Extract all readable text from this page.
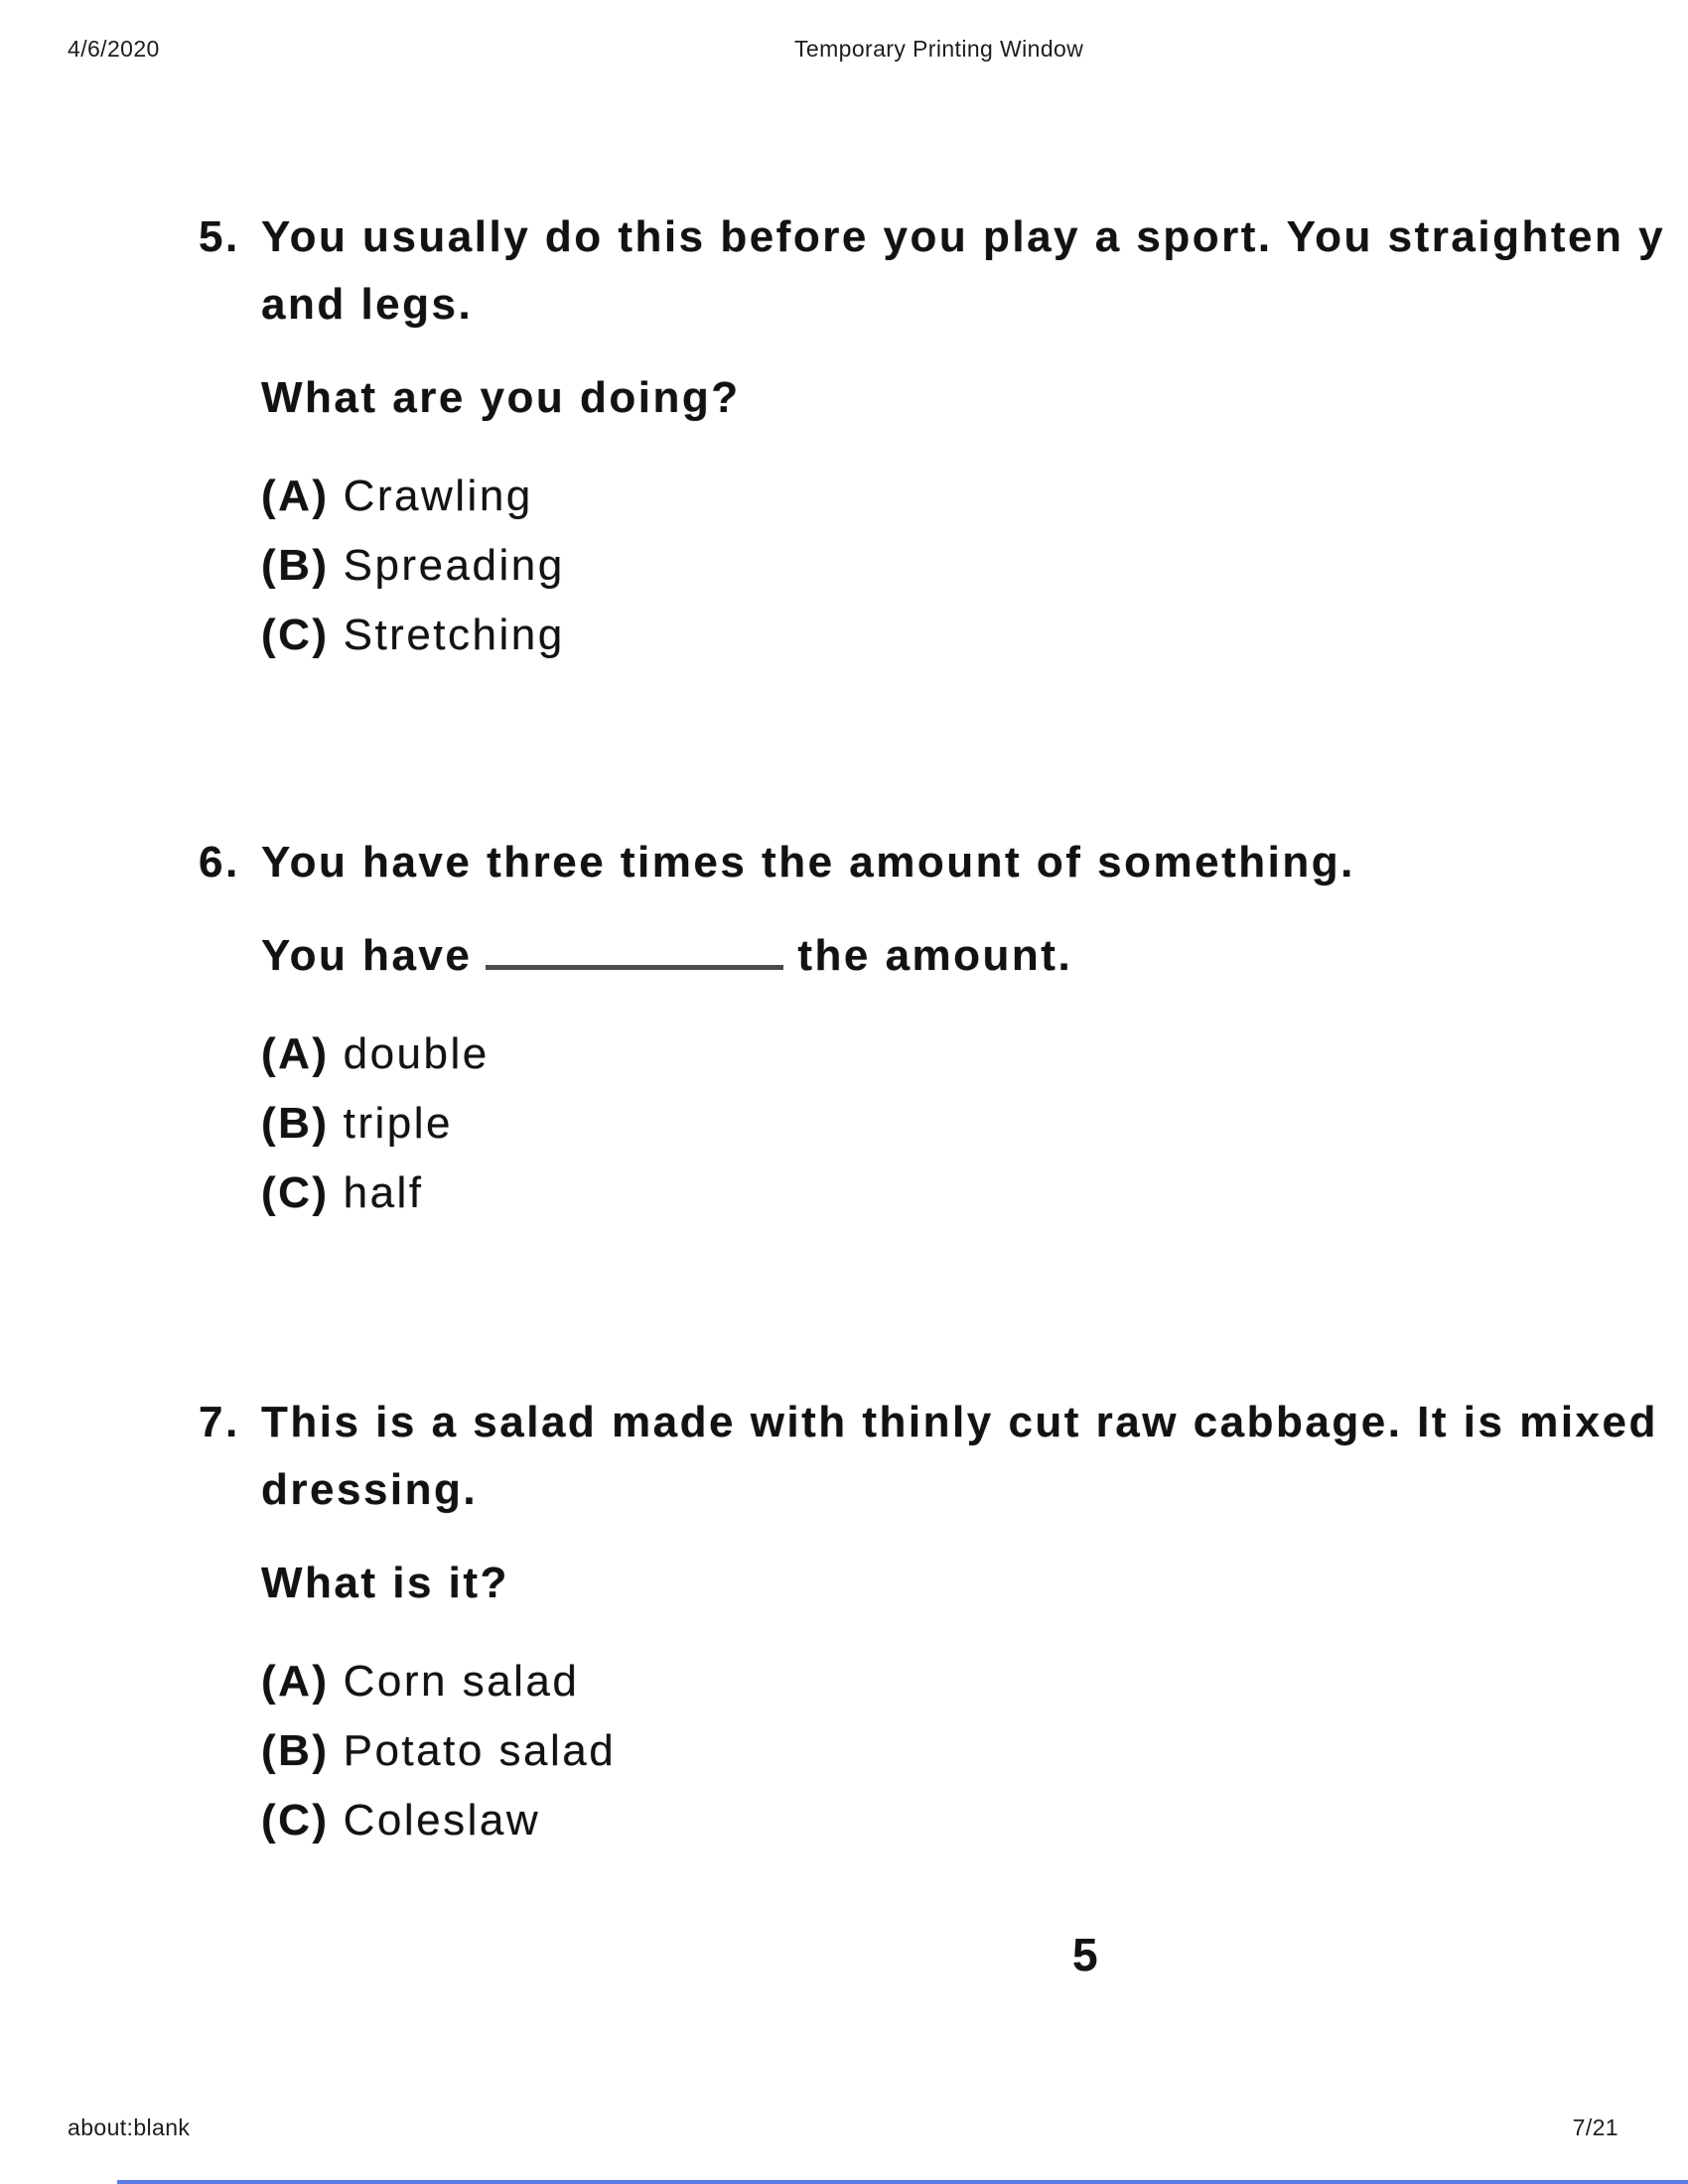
4/6/2020	Temporary Printing Window
5. You usually do this before you play a sport. You straighten y
and legs.
What are you doing?
(A) Crawling
(B) Spreading
(C) Stretching
6. You have three times the amount of something.
You have	the amount.
(A) double
(B) triple
(C) half
7. This is a salad made with thinly cut raw cabbage. It is mixed
dressing.
What is it?
(A) Corn salad
(B) Potato salad
(C) Coleslaw
5
about:blank	7/21
